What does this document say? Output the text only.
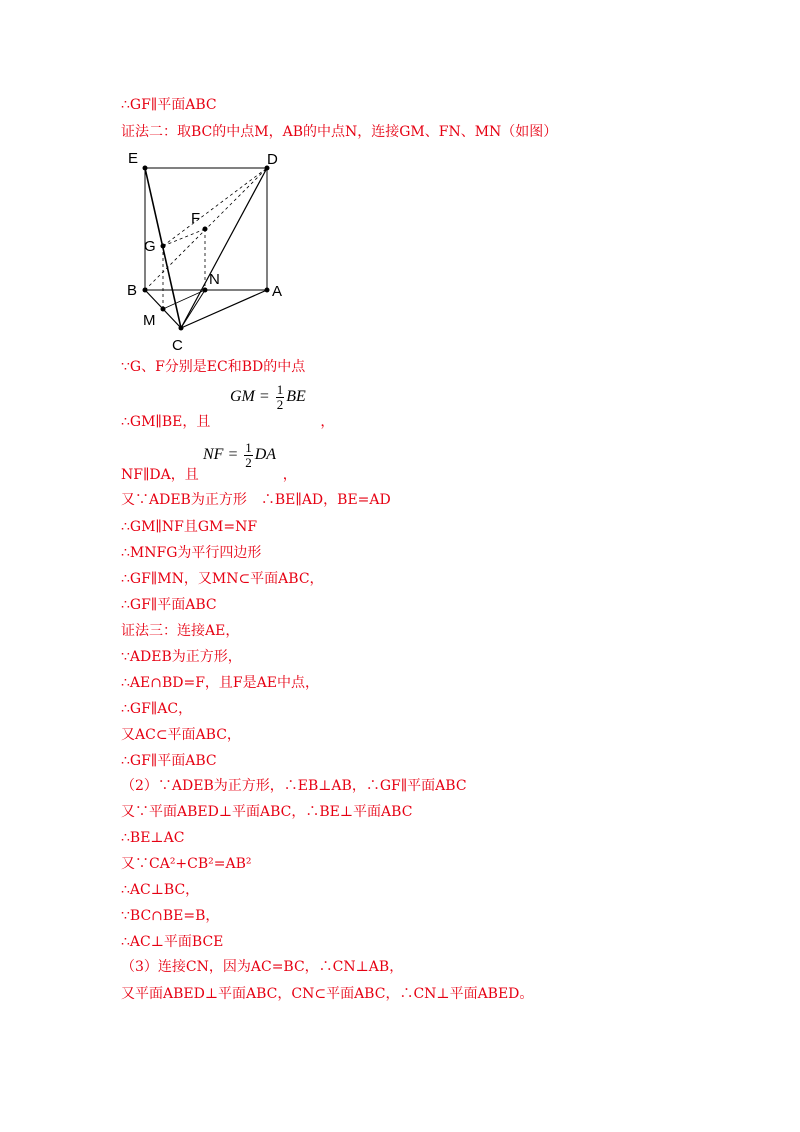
∴GF∥平面ABC
证法二：取BC的中点M，AB的中点N，连接GM、FN、MN（如图）
E	D
F
G
B
N
A
M
C
∵G、F分别是EC和BD的中点
GM = $\frac{1}{2}$ BE
∴GM∥BE，且	，
NF = $\frac{1}{2}$ DA
NF∥DA，且	，
又∵ADEB为正方形　∴BE∥AD，BE=AD
∴GM∥NF且GM=NF
∴MNFG为平行四边形
∴GF∥MN，又MN⊂平面ABC，
∴GF∥平面ABC
证法三：连接AE，
∵ADEB为正方形，
∴AE∩BD=F，且F是AE中点，
∴GF∥AC，
又AC⊂平面ABC，
∴GF∥平面ABC
（2）∵ADEB为正方形，∴EB⊥AB，∴GF∥平面ABC
又∵平面ABED⊥平面ABC，∴BE⊥平面ABC
∴BE⊥AC
又∵CA²+CB²=AB²
∴AC⊥BC，
∵BC∩BE=B，
∴AC⊥平面BCE
（3）连接CN，因为AC=BC，∴CN⊥AB，
又平面ABED⊥平面ABC，CN⊂平面ABC，∴CN⊥平面ABED。
